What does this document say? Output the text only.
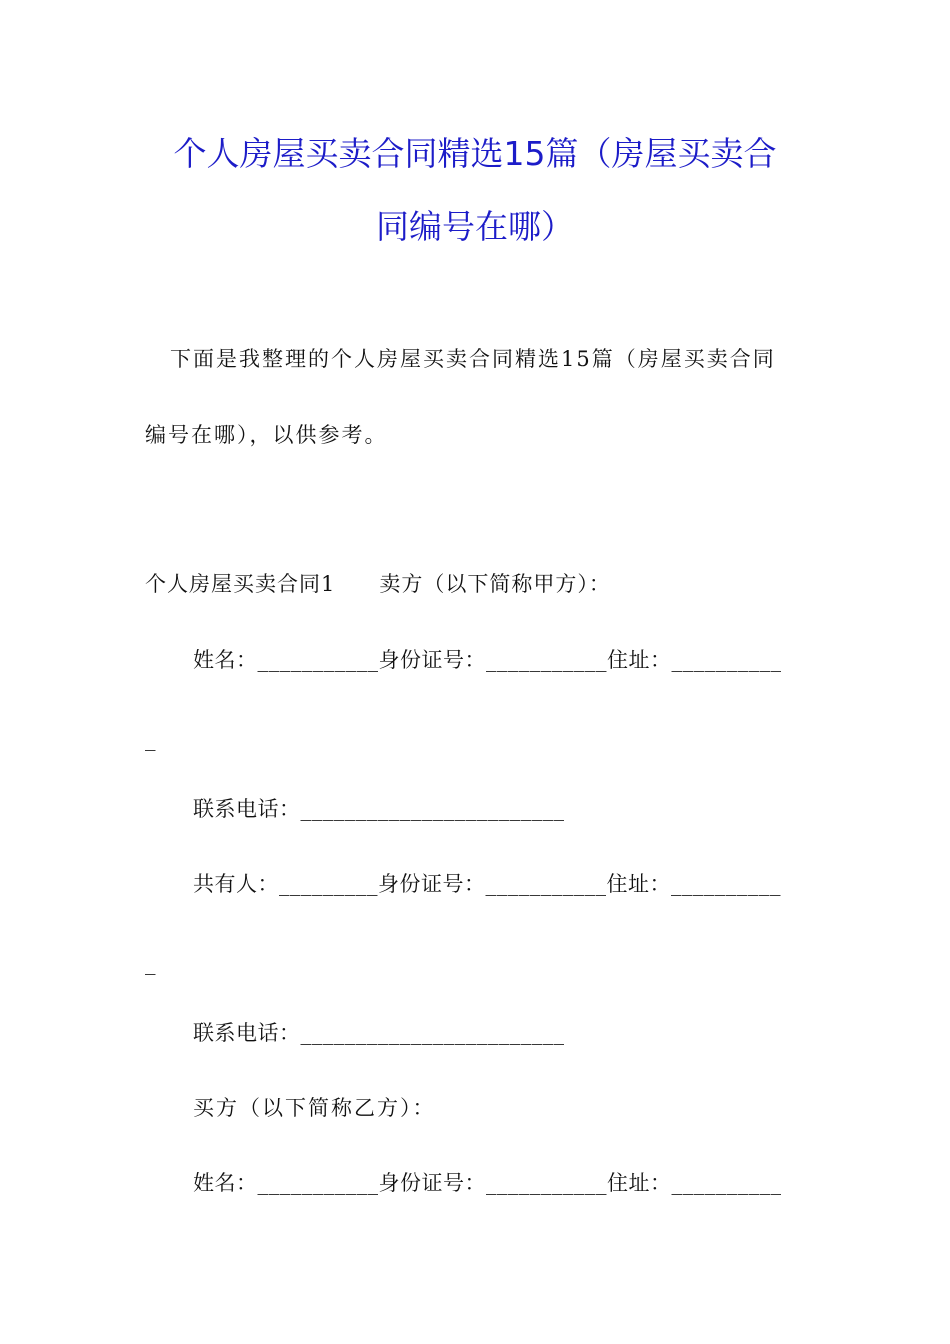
个人房屋买卖合同精选15篇（房屋买卖合
同编号在哪）
下面是我整理的个人房屋买卖合同精选15篇（房屋买卖合同
编号在哪），以供参考。
个人房屋买卖合同1　　卖方（以下简称甲方）：
姓名：___________身份证号：___________住址：__________
_
联系电话：________________________
共有人：_________身份证号：___________住址：__________
_
联系电话：________________________
买方（以下简称乙方）：
姓名：___________身份证号：___________住址：__________
